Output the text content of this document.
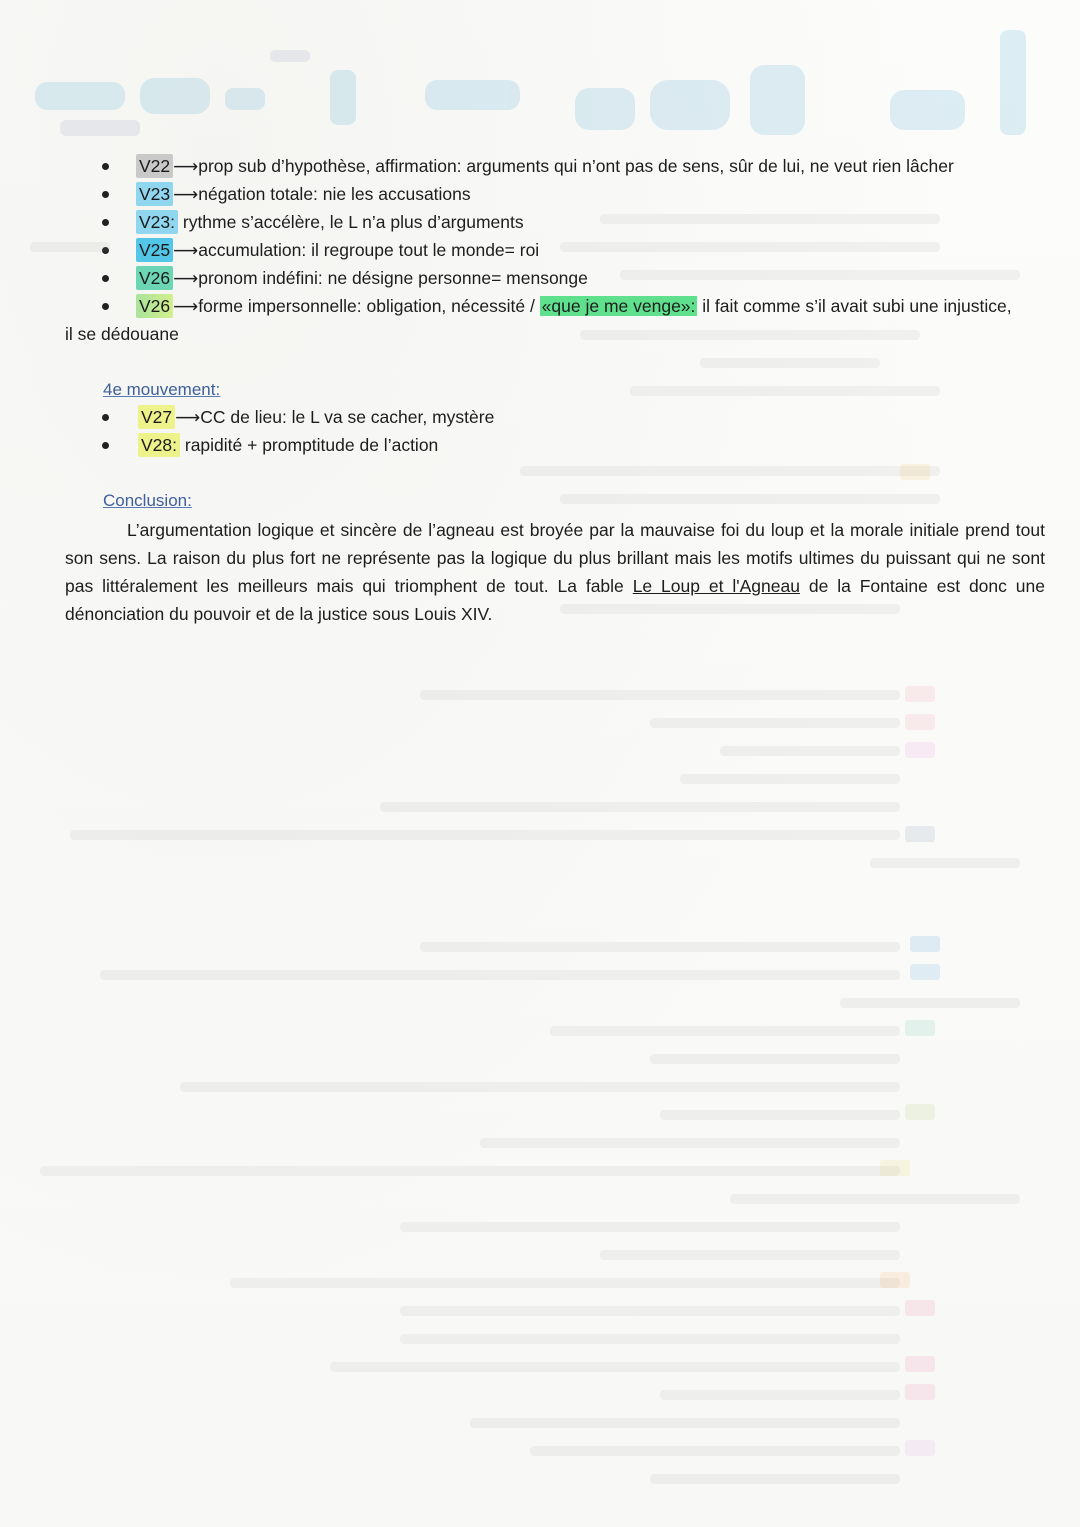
V22 ⟶prop sub d’hypothèse, affirmation: arguments qui n’ont pas de sens, sûr de lui, ne veut rien lâcher
V23 ⟶négation totale: nie les accusations
V23: rythme s’accélère, le L n’a plus d’arguments
V25 ⟶accumulation: il regroupe tout le monde= roi
V26 ⟶pronom indéfini: ne désigne personne= mensonge
V26 ⟶forme impersonnelle: obligation, nécessité / «que je me venge»: il fait comme s’il avait subi une injustice,
il se dédouane
4e mouvement:
V27 ⟶CC de lieu: le L va se cacher, mystère
V28: rapidité + promptitude de l’action
Conclusion:
L’argumentation logique et sincère de l’agneau est broyée par la mauvaise foi du loup et la morale initiale prend tout son sens. La raison du plus fort ne représente pas la logique du plus brillant mais les motifs ultimes du puissant qui ne sont pas littéralement les meilleurs mais qui triomphent de tout. La fable Le Loup et l'Agneau de la Fontaine est donc une dénonciation du pouvoir et de la justice sous Louis XIV.
